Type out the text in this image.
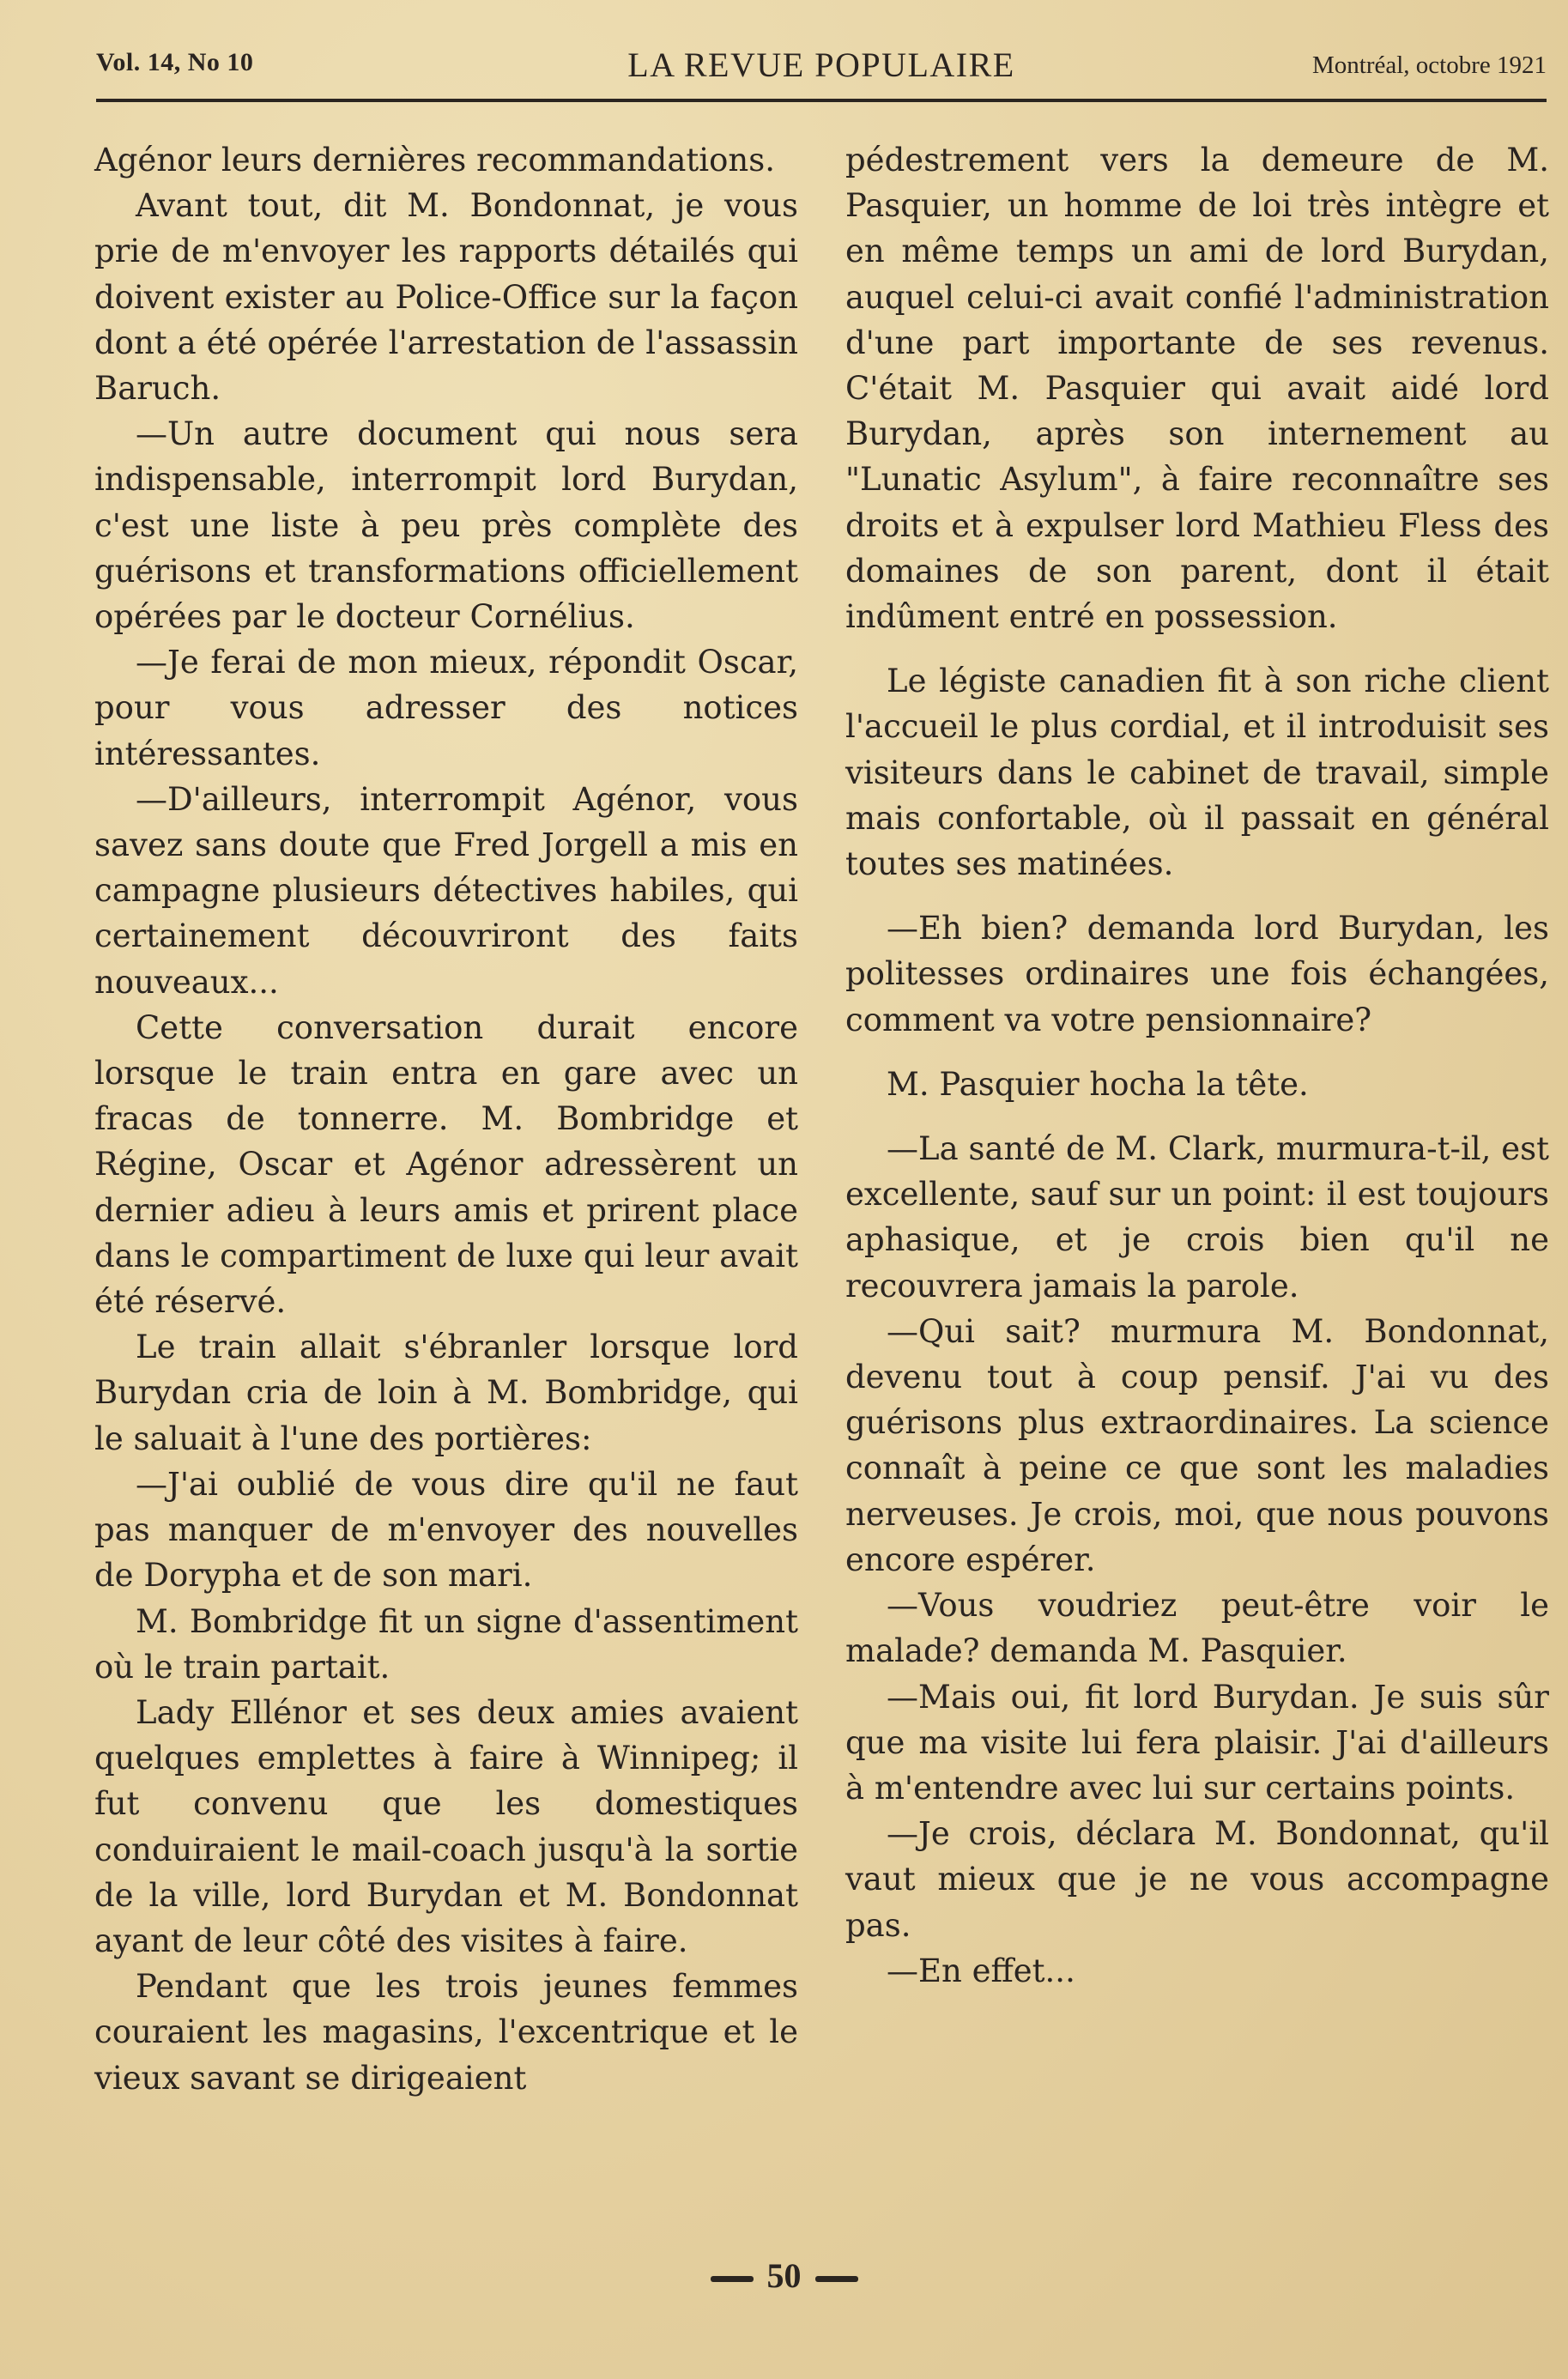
Vol. 14, No 10	LA REVUE POPULAIRE	Montréal, octobre 1921

Agénor leurs dernières recommandations.

Avant tout, dit M. Bondonnat, je vous prie de m'envoyer les rapports détailés qui doivent exister au Police-Office sur la façon dont a été opérée l'arrestation de l'assassin Baruch.

—Un autre document qui nous sera indispensable, interrompit lord Burydan, c'est une liste à peu près complète des guérisons et transformations officiellement opérées par le docteur Cornélius.

—Je ferai de mon mieux, répondit Oscar, pour vous adresser des notices intéressantes.

—D'ailleurs, interrompit Agénor, vous savez sans doute que Fred Jorgell a mis en campagne plusieurs détectives habiles, qui certainement découvriront des faits nouveaux...

Cette conversation durait encore lorsque le train entra en gare avec un fracas de tonnerre. M. Bombridge et Régine, Oscar et Agénor adressèrent un dernier adieu à leurs amis et prirent place dans le compartiment de luxe qui leur avait été réservé.

Le train allait s'ébranler lorsque lord Burydan cria de loin à M. Bombridge, qui le saluait à l'une des portières:

—J'ai oublié de vous dire qu'il ne faut pas manquer de m'envoyer des nouvelles de Dorypha et de son mari.

M. Bombridge fit un signe d'assentiment où le train partait.

Lady Ellénor et ses deux amies avaient quelques emplettes à faire à Winnipeg; il fut convenu que les domestiques conduiraient le mail-coach jusqu'à la sortie de la ville, lord Burydan et M. Bondonnat ayant de leur côté des visites à faire.

Pendant que les trois jeunes femmes couraient les magasins, l'excentrique et le vieux savant se dirigeaient

pédestrement vers la demeure de M. Pasquier, un homme de loi très intègre et en même temps un ami de lord Burydan, auquel celui-ci avait confié l'administration d'une part importante de ses revenus. C'était M. Pasquier qui avait aidé lord Burydan, après son internement au "Lunatic Asylum", à faire reconnaître ses droits et à expulser lord Mathieu Fless des domaines de son parent, dont il était indûment entré en possession.

Le légiste canadien fit à son riche client l'accueil le plus cordial, et il introduisit ses visiteurs dans le cabinet de travail, simple mais confortable, où il passait en général toutes ses matinées.

—Eh bien? demanda lord Burydan, les politesses ordinaires une fois échangées, comment va votre pensionnaire?

M. Pasquier hocha la tête.

—La santé de M. Clark, murmura-t-il, est excellente, sauf sur un point: il est toujours aphasique, et je crois bien qu'il ne recouvrera jamais la parole.

—Qui sait? murmura M. Bondonnat, devenu tout à coup pensif. J'ai vu des guérisons plus extraordinaires. La science connaît à peine ce que sont les maladies nerveuses. Je crois, moi, que nous pouvons encore espérer.

—Vous voudriez peut-être voir le malade? demanda M. Pasquier.

—Mais oui, fit lord Burydan. Je suis sûr que ma visite lui fera plaisir. J'ai d'ailleurs à m'entendre avec lui sur certains points.

—Je crois, déclara M. Bondonnat, qu'il vaut mieux que je ne vous accompagne pas.

—En effet...

50
